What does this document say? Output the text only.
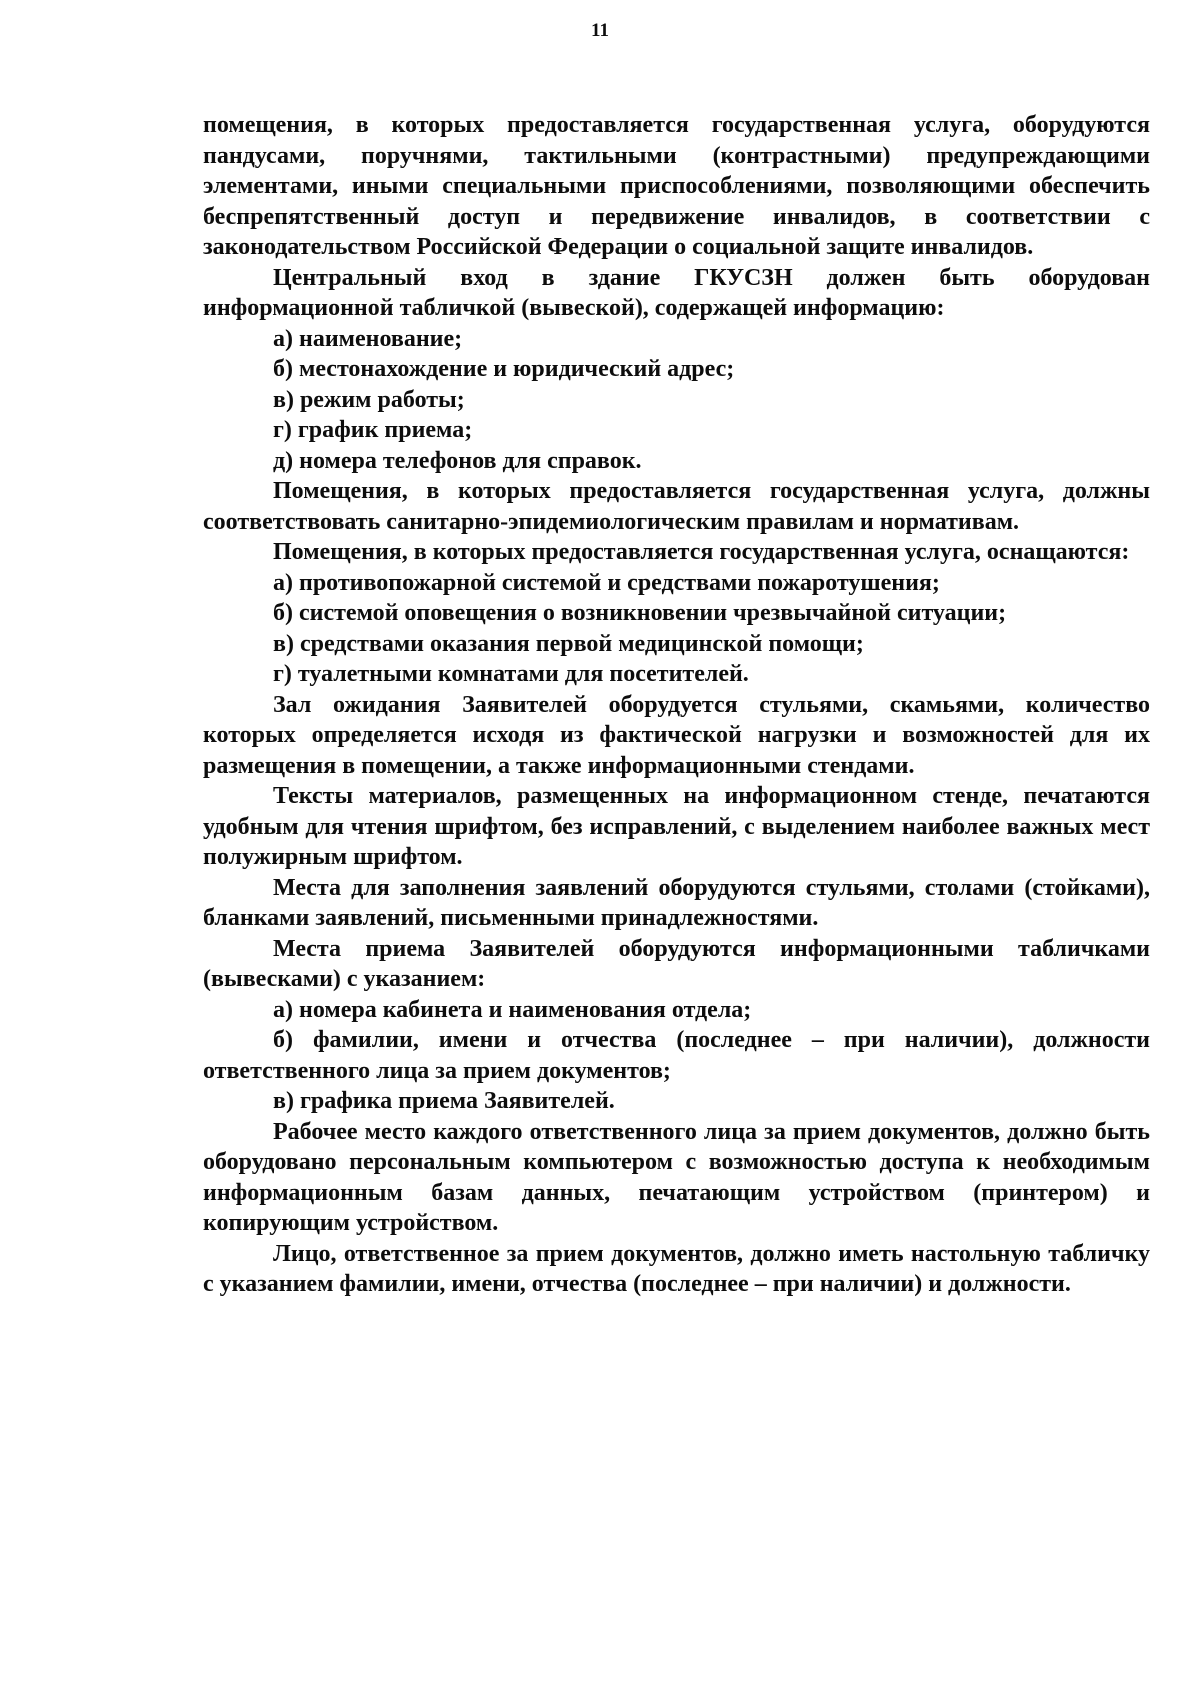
11

помещения, в которых предоставляется государственная услуга, оборудуются пандусами, поручнями, тактильными (контрастными) предупреждающими элементами, иными специальными приспособлениями, позволяющими обеспечить беспрепятственный доступ и передвижение инвалидов, в соответствии с законодательством Российской Федерации о социальной защите инвалидов.

Центральный вход в здание ГКУСЗН должен быть оборудован информационной табличкой (вывеской), содержащей информацию:

а) наименование;

б) местонахождение и юридический адрес;

в) режим работы;

г) график приема;

д) номера телефонов для справок.

Помещения, в которых предоставляется государственная услуга, должны соответствовать санитарно-эпидемиологическим правилам и нормативам.

Помещения, в которых предоставляется государственная услуга, оснащаются:

а) противопожарной системой и средствами пожаротушения;

б) системой оповещения о возникновении чрезвычайной ситуации;

в) средствами оказания первой медицинской помощи;

г) туалетными комнатами для посетителей.

Зал ожидания Заявителей оборудуется стульями, скамьями, количество которых определяется исходя из фактической нагрузки и возможностей для их размещения в помещении, а также информационными стендами.

Тексты материалов, размещенных на информационном стенде, печатаются удобным для чтения шрифтом, без исправлений, с выделением наиболее важных мест полужирным шрифтом.

Места для заполнения заявлений оборудуются стульями, столами (стойками), бланками заявлений, письменными принадлежностями.

Места приема Заявителей оборудуются информационными табличками (вывесками) с указанием:

а) номера кабинета и наименования отдела;

б) фамилии, имени и отчества (последнее – при наличии), должности ответственного лица за прием документов;

в) графика приема Заявителей.

Рабочее место каждого ответственного лица за прием документов, должно быть оборудовано персональным компьютером с возможностью доступа к необходимым информационным базам данных, печатающим устройством (принтером) и копирующим устройством.

Лицо, ответственное за прием документов, должно иметь настольную табличку с указанием фамилии, имени, отчества (последнее – при наличии) и должности.
